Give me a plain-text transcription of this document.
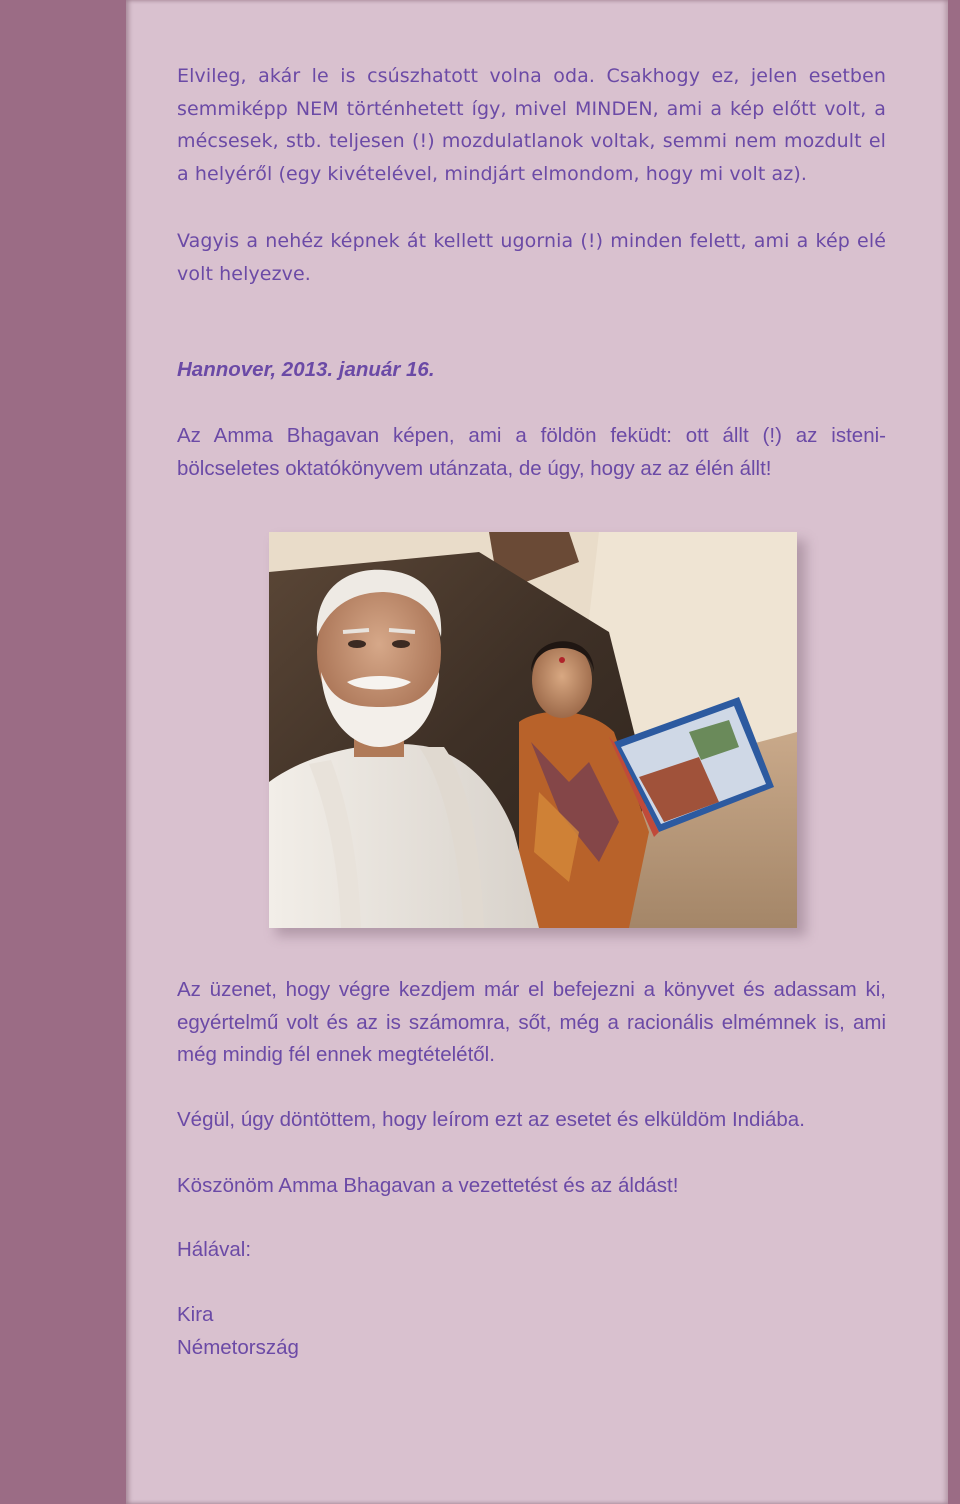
Elvileg, akár le is csúszhatott volna oda. Csakhogy ez, jelen esetben semmiképp NEM történhetett így, mivel MINDEN, ami a kép előtt volt, a mécsesek, stb. teljesen (!) mozdulatlanok voltak, semmi nem mozdult el a helyéről (egy kivételével, mindjárt elmondom, hogy mi volt az).

Vagyis a nehéz képnek át kellett ugornia (!) minden felett, ami a kép elé volt helyezve.

Hannover, 2013. január 16.

Az Amma Bhagavan képen, ami a földön feküdt: ott állt (!) az isteni-bölcseletes oktatókönyvem utánzata, de úgy, hogy az az élén állt!

Az üzenet, hogy végre kezdjem már el befejezni a könyvet és adassam ki, egyértelmű volt és az is számomra, sőt, még a racionális elmémnek is, ami még mindig fél ennek megtételétől.

Végül, úgy döntöttem, hogy leírom ezt az esetet és elküldöm Indiába.

Köszönöm Amma Bhagavan a vezettetést és az áldást!

Hálával:

Kira

Németország
